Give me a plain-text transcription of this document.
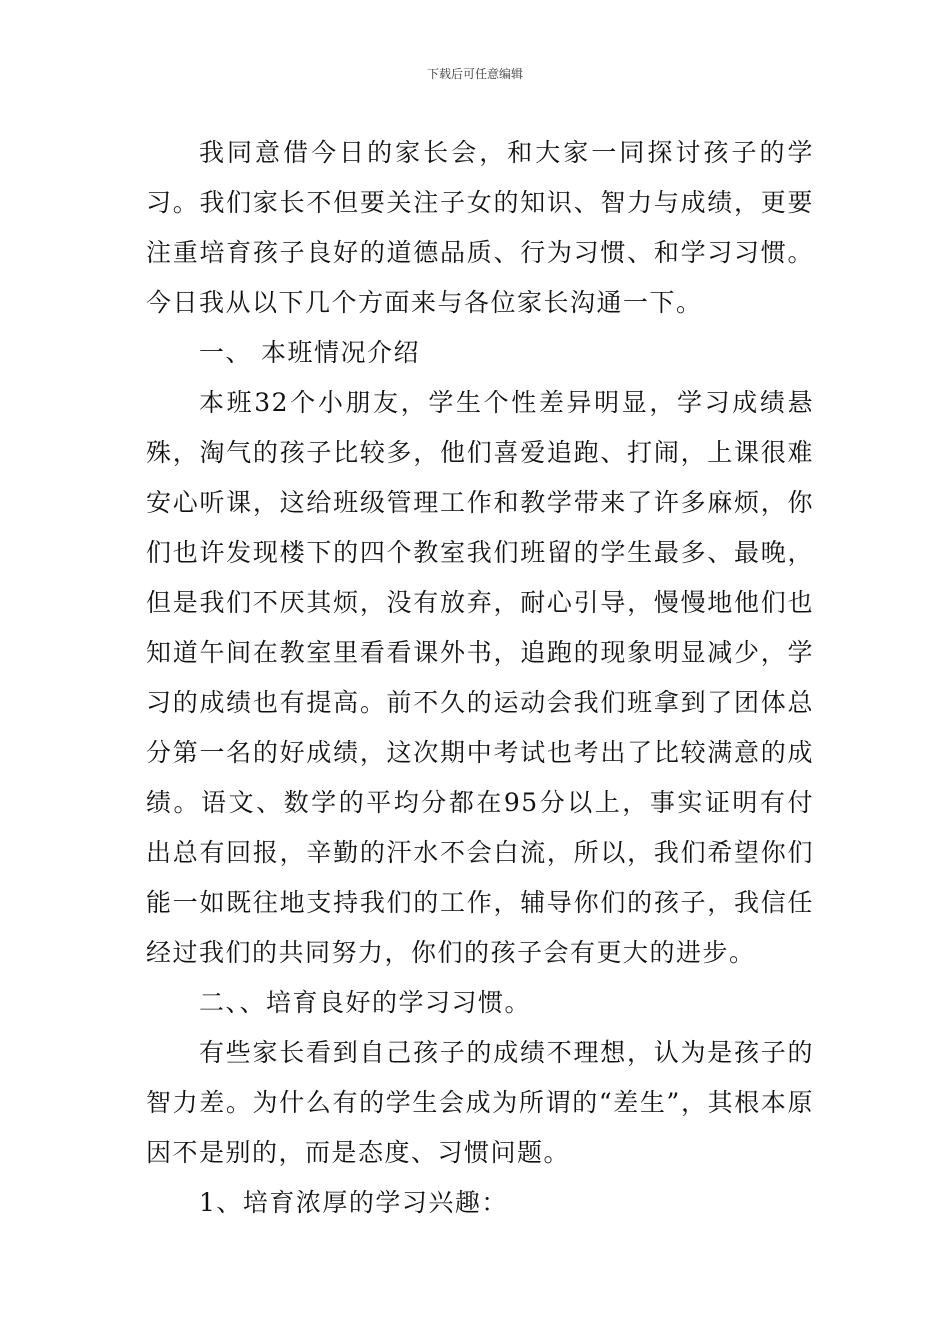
下载后可任意编辑

我同意借今日的家长会，和大家一同探讨孩子的学习。我们家长不但要关注子女的知识、智力与成绩，更要注重培育孩子良好的道德品质、行为习惯、和学习习惯。今日我从以下几个方面来与各位家长沟通一下。

一、 本班情况介绍

本班32个小朋友，学生个性差异明显，学习成绩悬殊，淘气的孩子比较多，他们喜爱追跑、打闹，上课很难安心听课，这给班级管理工作和教学带来了许多麻烦，你们也许发现楼下的四个教室我们班留的学生最多、最晚，但是我们不厌其烦，没有放弃，耐心引导，慢慢地他们也知道午间在教室里看看课外书，追跑的现象明显减少，学习的成绩也有提高。前不久的运动会我们班拿到了团体总分第一名的好成绩，这次期中考试也考出了比较满意的成绩。语文、数学的平均分都在95分以上，事实证明有付出总有回报，辛勤的汗水不会白流，所以，我们希望你们能一如既往地支持我们的工作，辅导你们的孩子，我信任经过我们的共同努力，你们的孩子会有更大的进步。

二、、培育良好的学习习惯。

有些家长看到自己孩子的成绩不理想，认为是孩子的智力差。为什么有的学生会成为所谓的“差生”，其根本原因不是别的，而是态度、习惯问题。

1、培育浓厚的学习兴趣：
